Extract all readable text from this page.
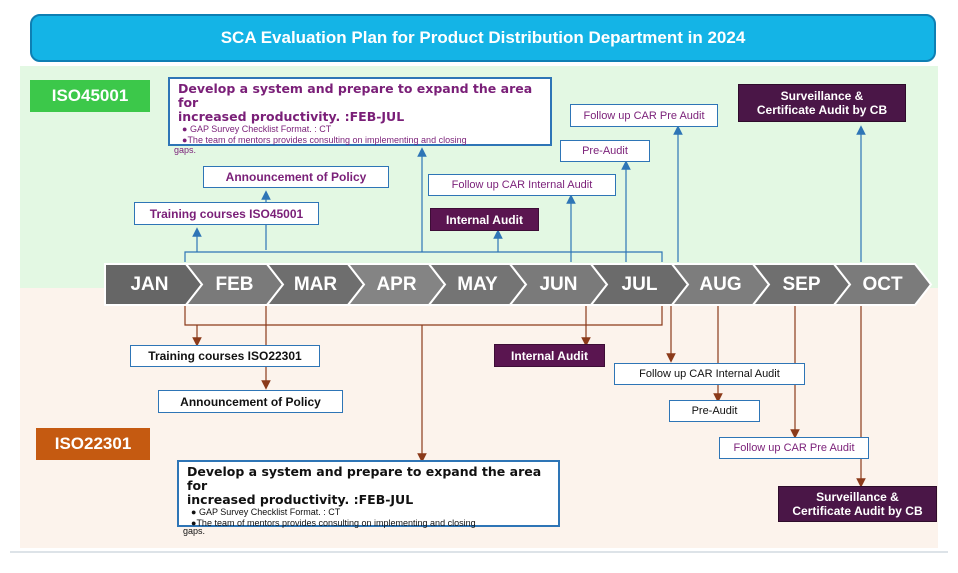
SCA Evaluation Plan for Product Distribution Department in 2024
ISO45001
ISO22301
JAN	FEB	MAR	APR	MAY	JUN	JUL	AUG	SEP	OCT
Develop a system and prepare to expand the area for
increased productivity. :FEB-JUL
● GAP Survey Checklist Format. : CT
●The team of mentors provides consulting on implementing and closing
gaps.
Announcement of Policy
Training courses ISO45001
Follow up CAR Internal Audit
Internal Audit
Pre-Audit
Follow up CAR Pre Audit
Surveillance &
Certificate Audit by CB
Training courses ISO22301
Announcement of Policy
Internal Audit
Follow up CAR Internal Audit
Pre-Audit
Follow up CAR Pre Audit
Surveillance &
Certificate Audit by CB
Develop a system and prepare to expand the area for
increased productivity. :FEB-JUL
● GAP Survey Checklist Format. : CT
●The team of mentors provides consulting on implementing and closing
gaps.
